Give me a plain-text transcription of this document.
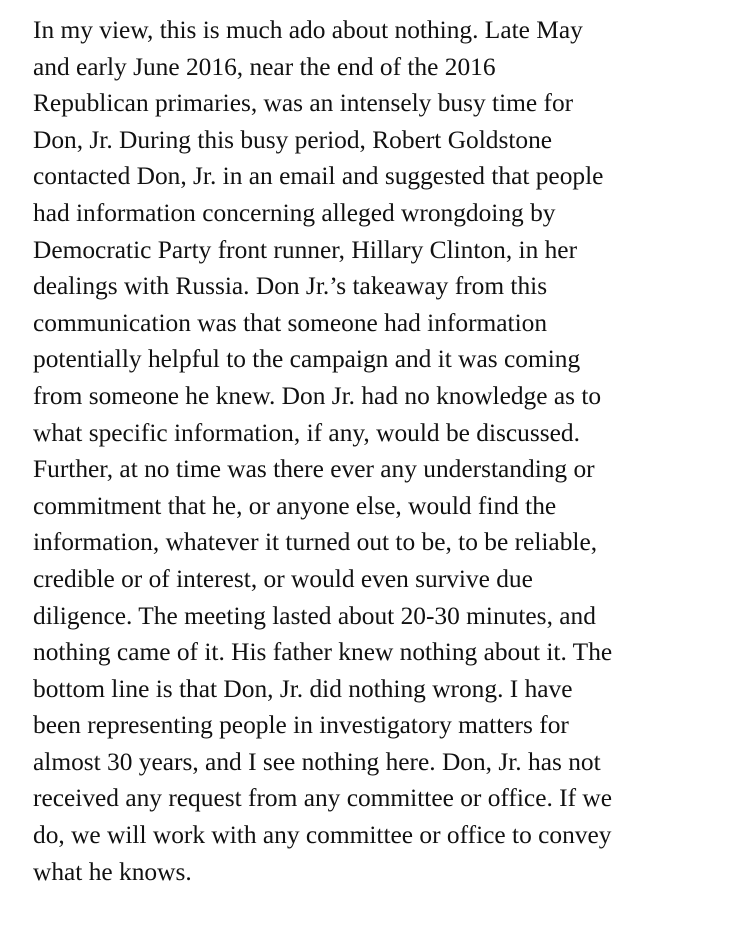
In my view, this is much ado about nothing. Late May
and early June 2016, near the end of the 2016
Republican primaries, was an intensely busy time for
Don, Jr. During this busy period, Robert Goldstone
contacted Don, Jr. in an email and suggested that people
had information concerning alleged wrongdoing by
Democratic Party front runner, Hillary Clinton, in her
dealings with Russia. Don Jr.’s takeaway from this
communication was that someone had information
potentially helpful to the campaign and it was coming
from someone he knew. Don Jr. had no knowledge as to
what specific information, if any, would be discussed.
Further, at no time was there ever any understanding or
commitment that he, or anyone else, would find the
information, whatever it turned out to be, to be reliable,
credible or of interest, or would even survive due
diligence. The meeting lasted about 20-30 minutes, and
nothing came of it. His father knew nothing about it. The
bottom line is that Don, Jr. did nothing wrong. I have
been representing people in investigatory matters for
almost 30 years, and I see nothing here. Don, Jr. has not
received any request from any committee or office. If we
do, we will work with any committee or office to convey
what he knows.
